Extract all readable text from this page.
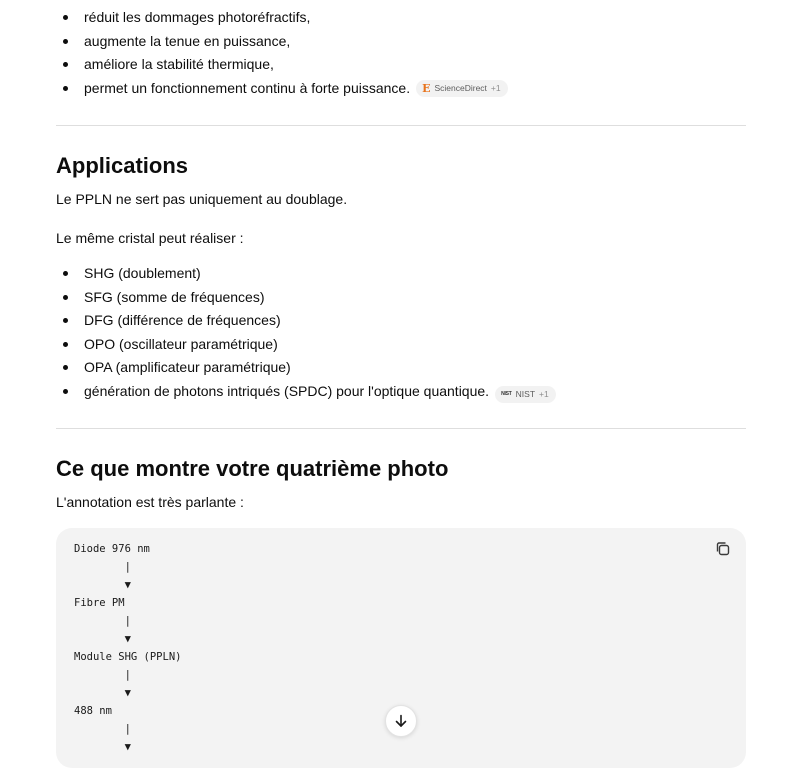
réduit les dommages photoréfractifs,
augmente la tenue en puissance,
améliore la stabilité thermique,
permet un fonctionnement continu à forte puissance. E ScienceDirect +1
Applications

Le PPLN ne sert pas uniquement au doublage.

Le même cristal peut réaliser :

SHG (doublement)
SFG (somme de fréquences)
DFG (différence de fréquences)
OPO (oscillateur paramétrique)
OPA (amplificateur paramétrique)
génération de photons intriqués (SPDC) pour l'optique quantique. NIST NIST +1
Ce que montre votre quatrième photo

L'annotation est très parlante :

Diode 976 nm
|
▼
Fibre PM
|
▼
Module SHG (PPLN)
|
▼
488 nm
|
▼
